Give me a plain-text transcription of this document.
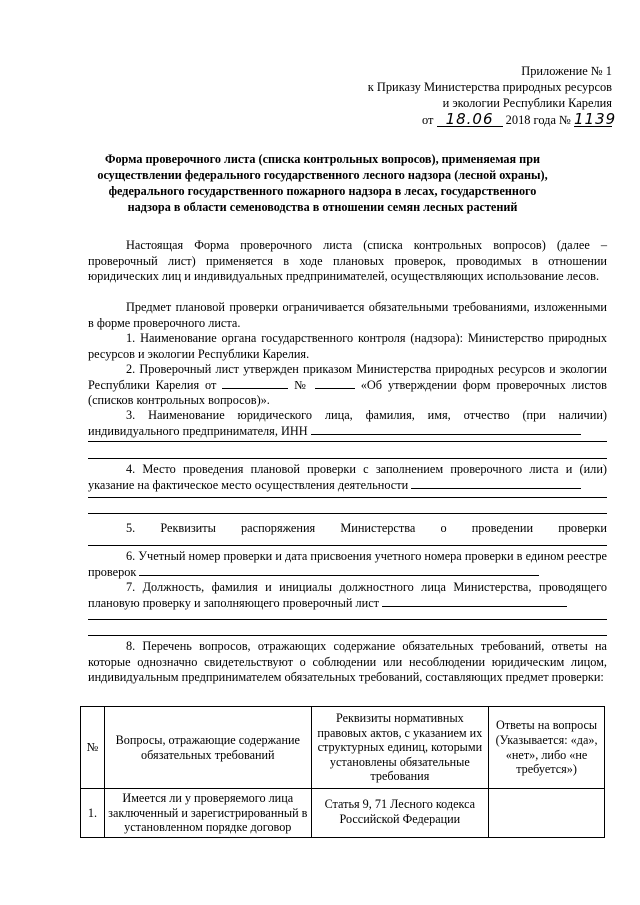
Приложение № 1
к Приказу Министерства природных ресурсов
и экологии Республики Карелия
от 18.06 2018 года № 1139
Форма проверочного листа (списка контрольных вопросов), применяемая при осуществлении федерального государственного лесного надзора (лесной охраны), федерального государственного пожарного надзора в лесах, государственного надзора в области семеноводства в отношении семян лесных растений
Настоящая Форма проверочного листа (списка контрольных вопросов) (далее – проверочный лист) применяется в ходе плановых проверок, проводимых в отношении юридических лиц и индивидуальных предпринимателей, осуществляющих использование лесов.
Предмет плановой проверки ограничивается обязательными требованиями, изложенными в форме проверочного листа.
1. Наименование органа государственного контроля (надзора): Министерство природных ресурсов и экологии Республики Карелия.
2. Проверочный лист утвержден приказом Министерства природных ресурсов и экологии Республики Карелия от	№	«Об утверждении форм проверочных листов (списков контрольных вопросов)».
3. Наименование юридического лица, фамилия, имя, отчество (при наличии) индивидуального предпринимателя, ИНН
4. Место проведения плановой проверки с заполнением проверочного листа и (или) указание на фактическое место осуществления деятельности
5. Реквизиты распоряжения Министерства о проведении проверки
6. Учетный номер проверки и дата присвоения учетного номера проверки в едином реестре проверок
7. Должность, фамилия и инициалы должностного лица Министерства, проводящего плановую проверку и заполняющего проверочный лист
8. Перечень вопросов, отражающих содержание обязательных требований, ответы на которые однозначно свидетельствуют о соблюдении или несоблюдении юридическим лицом, индивидуальным предпринимателем обязательных требований, составляющих предмет проверки:
№	Вопросы, отражающие содержание обязательных требований	Реквизиты нормативных правовых актов, с указанием их структурных единиц, которыми установлены обязательные требования	Ответы на вопросы (Указывается: «да», «нет», либо «не требуется»)
1.	Имеется ли у проверяемого лица заключенный и зарегистрированный в установленном порядке договор	Статья 9, 71 Лесного кодекса Российской Федерации	
